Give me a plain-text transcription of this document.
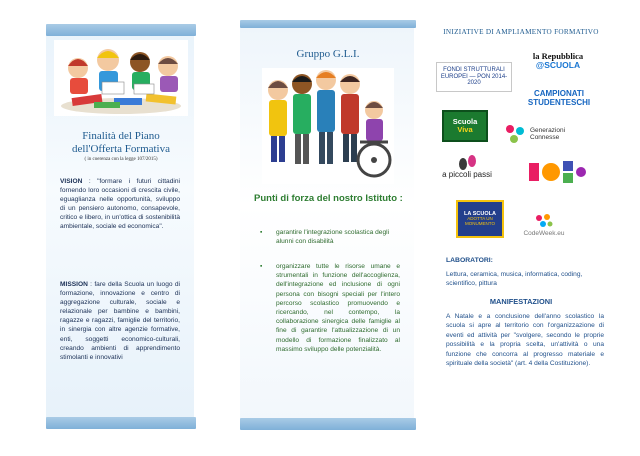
Finalità del Piano
dell'Offerta Formativa
( in coerenza con la legge 107/2015)
VISION : "formare i futuri cittadini fornendo loro occasioni di crescita civile, eguaglianza nelle opportunità, sviluppo di un pensiero autonomo, consapevole, critico e libero, in un'ottica di sostenibilità ambientale, sociale ed economica".
MISSION : fare della Scuola un luogo di formazione, innovazione e centro di aggregazione culturale, sociale e relazionale per bambine e bambini, ragazze e ragazzi, famiglie del territorio, in sinergia con altre agenzie formative, enti, soggetti economico-culturali, creando ambienti di apprendimento stimolanti e innovativi
Gruppo G.L.I.
Punti di forza del nostro Istituto :
▪ garantire l'integrazione scolastica degli alunni con disabilità
▪ organizzare tutte le risorse umane e strumentali in funzione dell'accoglienza, dell'integrazione ed inclusione di ogni persona con bisogni speciali per l'intero percorso scolastico promuovendo e ricercando, nel contempo, la collaborazione sinergica delle famiglie al fine di garantire l'attualizzazione di un modello di formazione finalizzato al massimo sviluppo delle potenzialità.
INIZIATIVE DI AMPLIAMENTO FORMATIVO
FONDI STRUTTURALI EUROPEI — PON 2014-2020
la Repubblica
@SCUOLA
CAMPIONATI
STUDENTESCHI
Scuola
Viva	Generazioni
Connesse
a piccoli passi
LA SCUOLA
ADOTTA UN MONUMENTO
CodeWeek.eu
LABORATORI:
Lettura, ceramica, musica, informatica, coding, scientifico, pittura
MANIFESTAZIONI
A Natale e a conclusione dell'anno scolastico la scuola si apre al territorio con l'organizzazione di eventi ed attività per "svolgere, secondo le proprie possibilità e la propria scelta, un'attività o una funzione che concorra al progresso materiale e spirituale della società" (art. 4 della Costituzione).
